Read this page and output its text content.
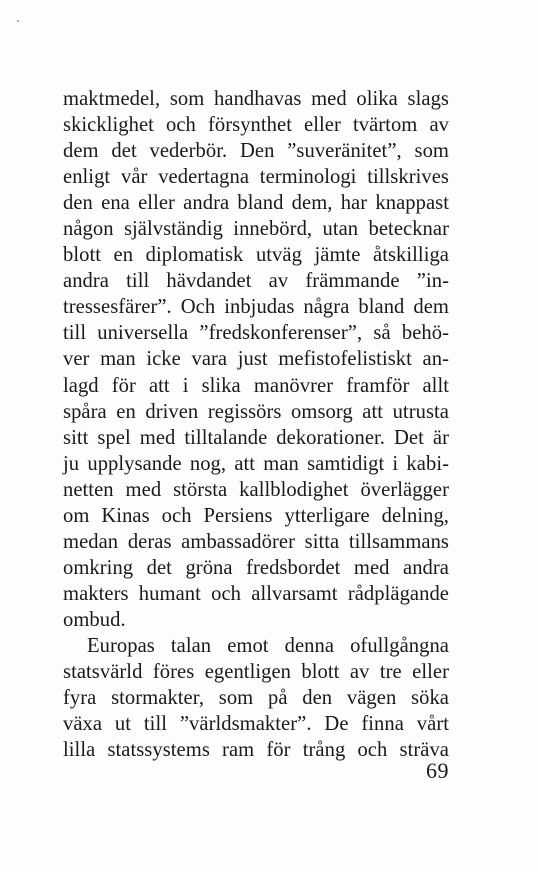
maktmedel, som handhavas med olika slags
skicklighet och försynthet eller tvärtom av
dem det vederbör. Den ”suveränitet”, som
enligt vår vedertagna terminologi tillskrives
den ena eller andra bland dem, har knappast
någon självständig innebörd, utan betecknar
blott en diplomatisk utväg jämte åtskilliga
andra till hävdandet av främmande ”in-
tressesfärer”. Och inbjudas några bland dem
till universella ”fredskonferenser”, så behö-
ver man icke vara just mefistofelistiskt an-
lagd för att i slika manövrer framför allt
spåra en driven regissörs omsorg att utrusta
sitt spel med tilltalande dekorationer. Det är
ju upplysande nog, att man samtidigt i kabi-
netten med största kallblodighet överlägger
om Kinas och Persiens ytterligare delning,
medan deras ambassadörer sitta tillsammans
omkring det gröna fredsbordet med andra
makters humant och allvarsamt rådplägande
ombud.
Europas talan emot denna ofullgångna
statsvärld föres egentligen blott av tre eller
fyra stormakter, som på den vägen söka
växa ut till ”världsmakter”. De finna vårt
lilla statssystems ram för trång och sträva
69
